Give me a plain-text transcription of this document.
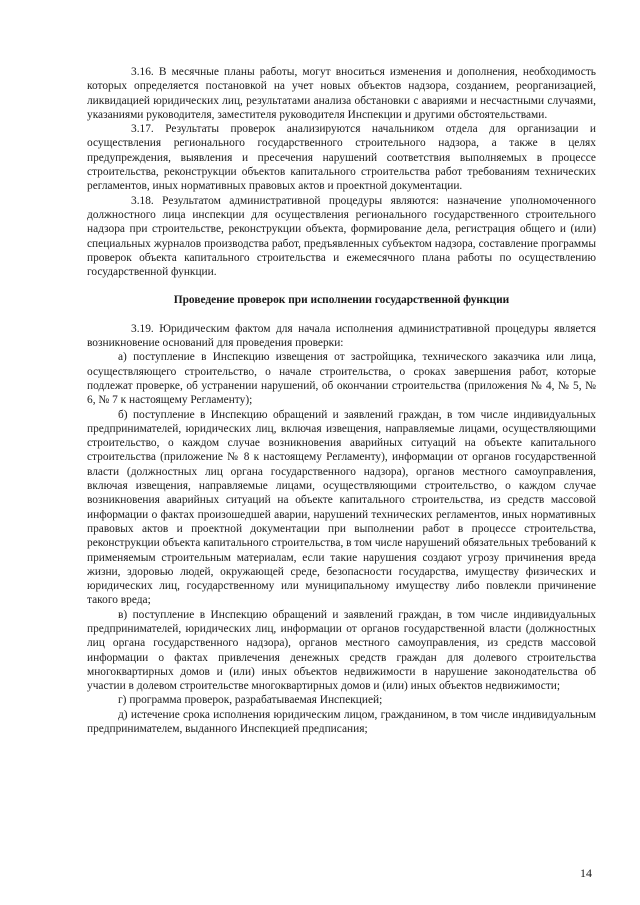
3.16. В месячные планы работы, могут вноситься изменения и дополнения, необходимость которых определяется постановкой на учет новых объектов надзора, созданием, реорганизацией, ликвидацией юридических лиц, результатами анализа обстановки с авариями и несчастными случаями, указаниями руководителя, заместителя руководителя Инспекции и другими обстоятельствами.

3.17. Результаты проверок анализируются начальником отдела для организации и осуществления регионального государственного строительного надзора, а также в целях предупреждения, выявления и пресечения нарушений соответствия выполняемых в процессе строительства, реконструкции объектов капитального строительства работ требованиям технических регламентов, иных нормативных правовых актов и проектной документации.

3.18. Результатом административной процедуры являются: назначение уполномоченного должностного лица инспекции для осуществления регионального государственного строительного надзора при строительстве, реконструкции объекта, формирование дела, регистрация общего и (или) специальных журналов производства работ, предъявленных субъектом надзора, составление программы проверок объекта капитального строительства и ежемесячного плана работы по осуществлению государственной функции.

Проведение проверок при исполнении государственной функции

3.19. Юридическим фактом для начала исполнения административной процедуры является возникновение оснований для проведения проверки:

а) поступление в Инспекцию извещения от застройщика, технического заказчика или лица, осуществляющего строительство, о начале строительства, о сроках завершения работ, которые подлежат проверке, об устранении нарушений, об окончании строительства (приложения № 4, № 5, № 6, № 7 к настоящему Регламенту);

б) поступление в Инспекцию обращений и заявлений граждан, в том числе индивидуальных предпринимателей, юридических лиц, включая извещения, направляемые лицами, осуществляющими строительство, о каждом случае возникновения аварийных ситуаций на объекте капитального строительства (приложение № 8 к настоящему Регламенту), информации от органов государственной власти (должностных лиц органа государственного надзора), органов местного самоуправления, включая извещения, направляемые лицами, осуществляющими строительство, о каждом случае возникновения аварийных ситуаций на объекте капитального строительства, из средств массовой информации о фактах произошедшей аварии, нарушений технических регламентов, иных нормативных правовых актов и проектной документации при выполнении работ в процессе строительства, реконструкции объекта капитального строительства, в том числе нарушений обязательных требований к применяемым строительным материалам, если такие нарушения создают угрозу причинения вреда жизни, здоровью людей, окружающей среде, безопасности государства, имуществу физических и юридических лиц, государственному или муниципальному имуществу либо повлекли причинение такого вреда;

в) поступление в Инспекцию обращений и заявлений граждан, в том числе индивидуальных предпринимателей, юридических лиц, информации от органов государственной власти (должностных лиц органа государственного надзора), органов местного самоуправления, из средств массовой информации о фактах привлечения денежных средств граждан для долевого строительства многоквартирных домов и (или) иных объектов недвижимости в нарушение законодательства об участии в долевом строительстве многоквартирных домов и (или) иных объектов недвижимости;

г) программа проверок, разрабатываемая Инспекцией;

д) истечение срока исполнения юридическим лицом, гражданином, в том числе индивидуальным предпринимателем, выданного Инспекцией предписания;

14
